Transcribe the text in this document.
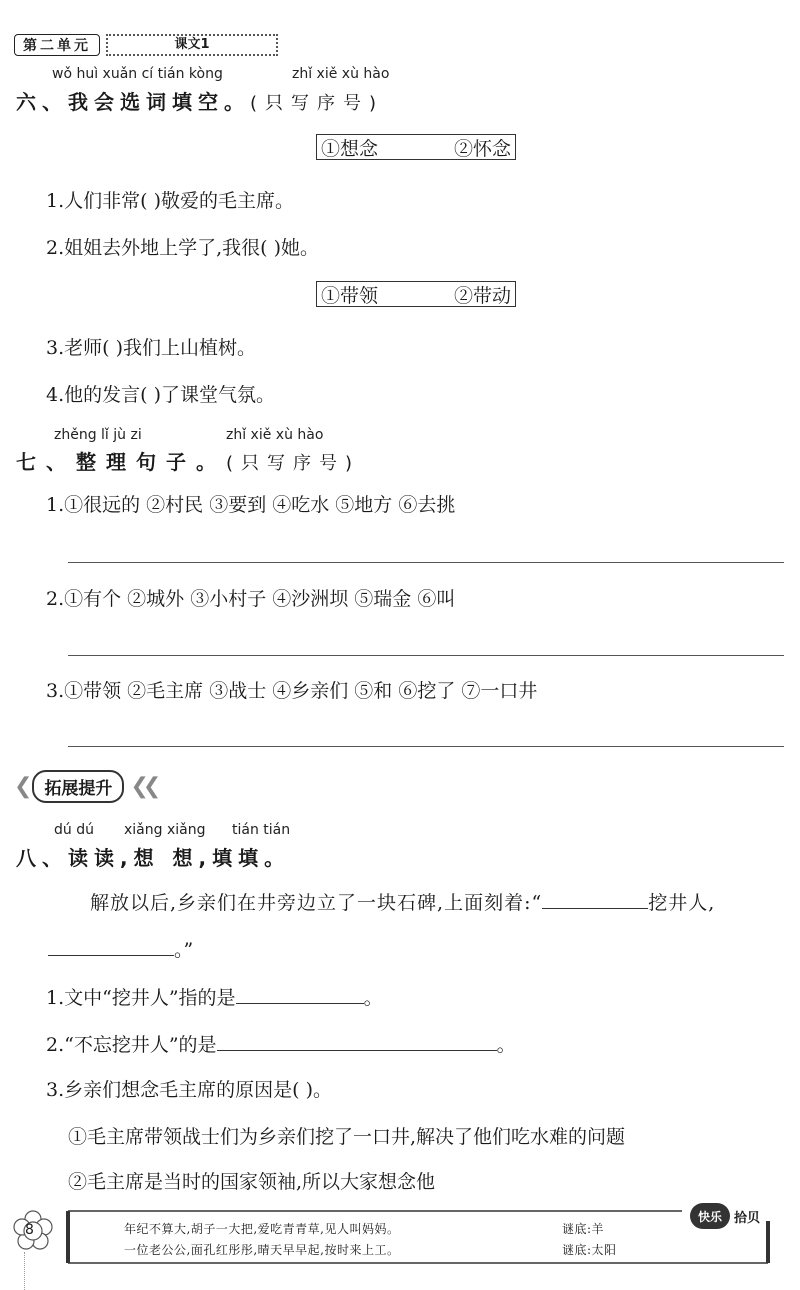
第二单元	课文1
wǒ huì xuǎn cí tián kòng	zhǐ xiě xù hào
六、我会选词填空。(只写序号)
①想念	②怀念
1.人们非常( )敬爱的毛主席。
2.姐姐去外地上学了,我很( )她。
①带领	②带动
3.老师( )我们上山植树。
4.他的发言( )了课堂气氛。
zhěng lǐ jù zi	zhǐ xiě xù hào
七、整理句子。(只写序号)
1.①很远的 ②村民 ③要到 ④吃水 ⑤地方 ⑥去挑
2.①有个 ②城外 ③小村子 ④沙洲坝 ⑤瑞金 ⑥叫
3.①带领 ②毛主席 ③战士 ④乡亲们 ⑤和 ⑥挖了 ⑦一口井
❮	拓展提升 ❮❮
dú dú xiǎng xiǎng tián tián
八、读读,想 想,填填。
解放以后,乡亲们在井旁边立了一块石碑,上面刻着:“	挖井人,
。”
1.文中“挖井人”指的是	。
2.“不忘挖井人”的是	。
3.乡亲们想念毛主席的原因是( )。
①毛主席带领战士们为乡亲们挖了一口井,解决了他们吃水难的问题
②毛主席是当时的国家领袖,所以大家想念他
8	年纪不算大,胡子一大把,爱吃青青草,见人叫妈妈。	谜底:羊
一位老公公,面孔红彤彤,晴天早早起,按时来上工。	谜底:太阳
快乐 拾贝
